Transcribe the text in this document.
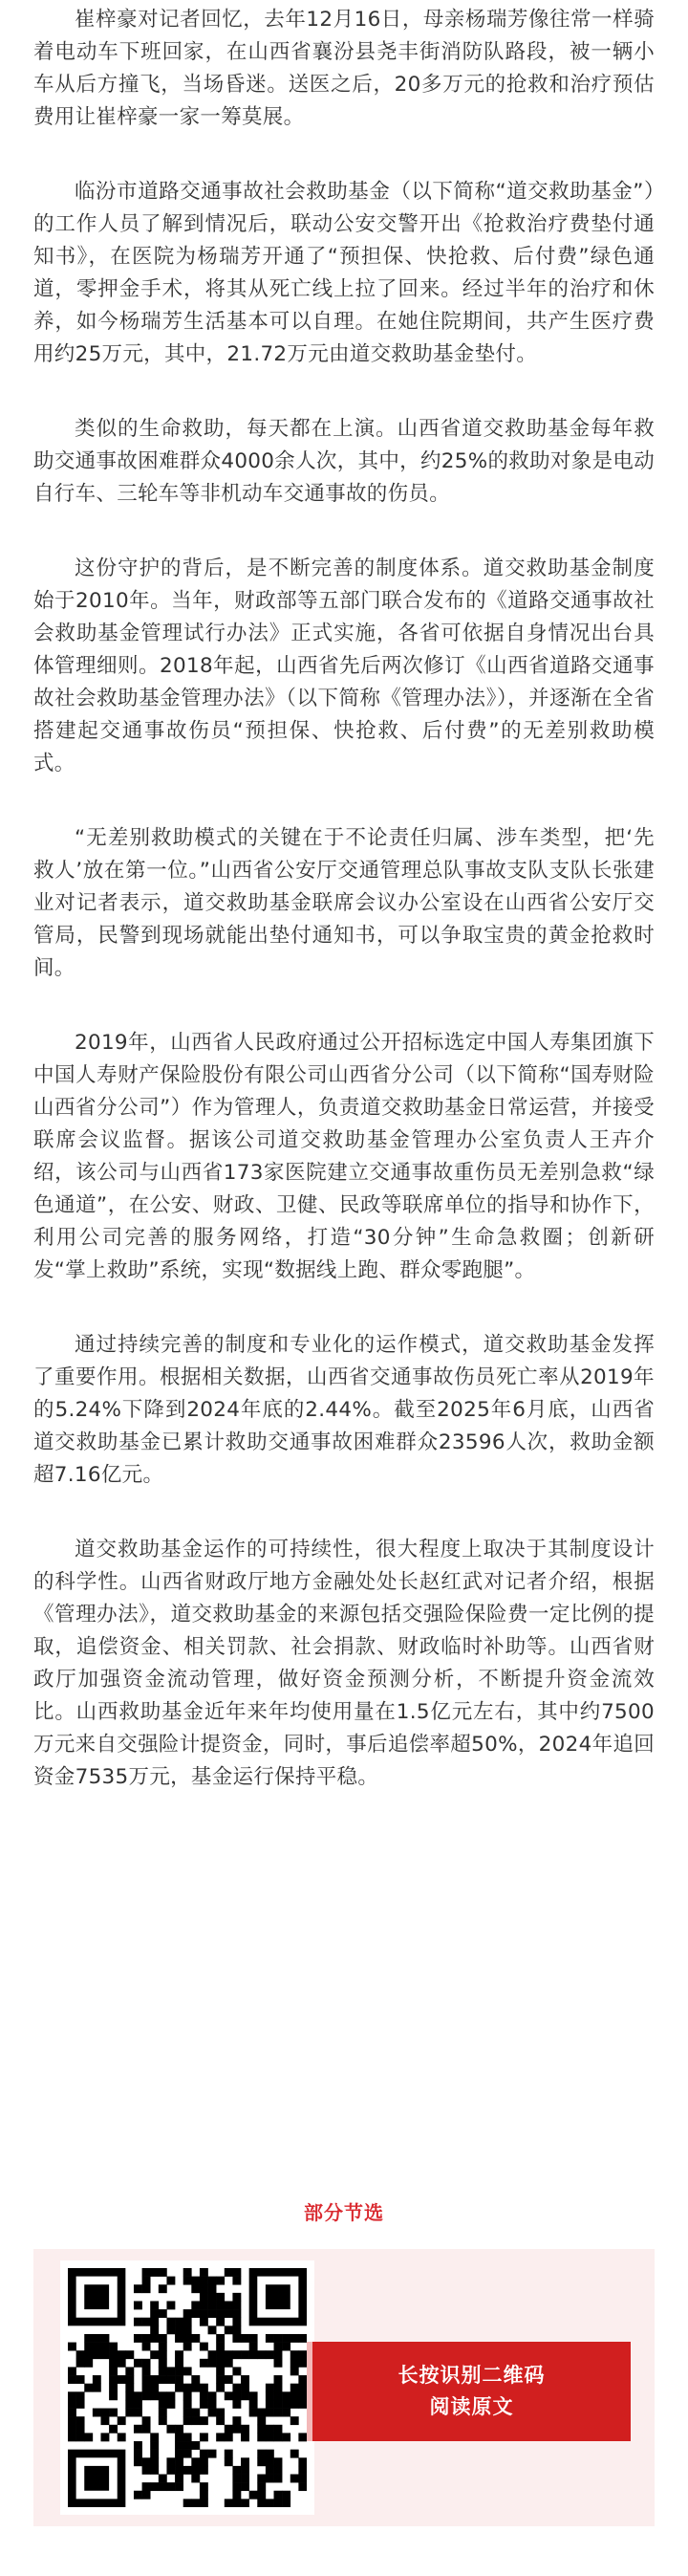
崔梓豪对记者回忆，去年12月16日，母亲杨瑞芳像往常一样骑着电动车下班回家，在山西省襄汾县尧丰街消防队路段，被一辆小车从后方撞飞，当场昏迷。送医之后，20多万元的抢救和治疗预估费用让崔梓豪一家一筹莫展。

临汾市道路交通事故社会救助基金（以下简称“道交救助基金”）的工作人员了解到情况后，联动公安交警开出《抢救治疗费垫付通知书》，在医院为杨瑞芳开通了“预担保、快抢救、后付费”绿色通道，零押金手术，将其从死亡线上拉了回来。经过半年的治疗和休养，如今杨瑞芳生活基本可以自理。在她住院期间，共产生医疗费用约25万元，其中，21.72万元由道交救助基金垫付。

类似的生命救助，每天都在上演。山西省道交救助基金每年救助交通事故困难群众4000余人次，其中，约25%的救助对象是电动自行车、三轮车等非机动车交通事故的伤员。

这份守护的背后，是不断完善的制度体系。道交救助基金制度始于2010年。当年，财政部等五部门联合发布的《道路交通事故社会救助基金管理试行办法》正式实施，各省可依据自身情况出台具体管理细则。2018年起，山西省先后两次修订《山西省道路交通事故社会救助基金管理办法》（以下简称《管理办法》），并逐渐在全省搭建起交通事故伤员“预担保、快抢救、后付费”的无差别救助模式。

“无差别救助模式的关键在于不论责任归属、涉车类型，把‘先救人’放在第一位。”山西省公安厅交通管理总队事故支队支队长张建业对记者表示，道交救助基金联席会议办公室设在山西省公安厅交管局，民警到现场就能出垫付通知书，可以争取宝贵的黄金抢救时间。

2019年，山西省人民政府通过公开招标选定中国人寿集团旗下中国人寿财产保险股份有限公司山西省分公司（以下简称“国寿财险山西省分公司”）作为管理人，负责道交救助基金日常运营，并接受联席会议监督。据该公司道交救助基金管理办公室负责人王卉介绍，该公司与山西省173家医院建立交通事故重伤员无差别急救“绿色通道”，在公安、财政、卫健、民政等联席单位的指导和协作下，利用公司完善的服务网络，打造“30分钟”生命急救圈；创新研发“掌上救助”系统，实现“数据线上跑、群众零跑腿”。

通过持续完善的制度和专业化的运作模式，道交救助基金发挥了重要作用。根据相关数据，山西省交通事故伤员死亡率从2019年的5.24%下降到2024年底的2.44%。截至2025年6月底，山西省道交救助基金已累计救助交通事故困难群众23596人次，救助金额超7.16亿元。

道交救助基金运作的可持续性，很大程度上取决于其制度设计的科学性。山西省财政厅地方金融处处长赵红武对记者介绍，根据《管理办法》，道交救助基金的来源包括交强险保险费一定比例的提取，追偿资金、相关罚款、社会捐款、财政临时补助等。山西省财政厅加强资金流动管理，做好资金预测分析，不断提升资金流效比。山西救助基金近年来年均使用量在1.5亿元左右，其中约7500万元来自交强险计提资金，同时，事后追偿率超50%，2024年追回资金7535万元，基金运行保持平稳。

部分节选
长按识别二维码
阅读原文
